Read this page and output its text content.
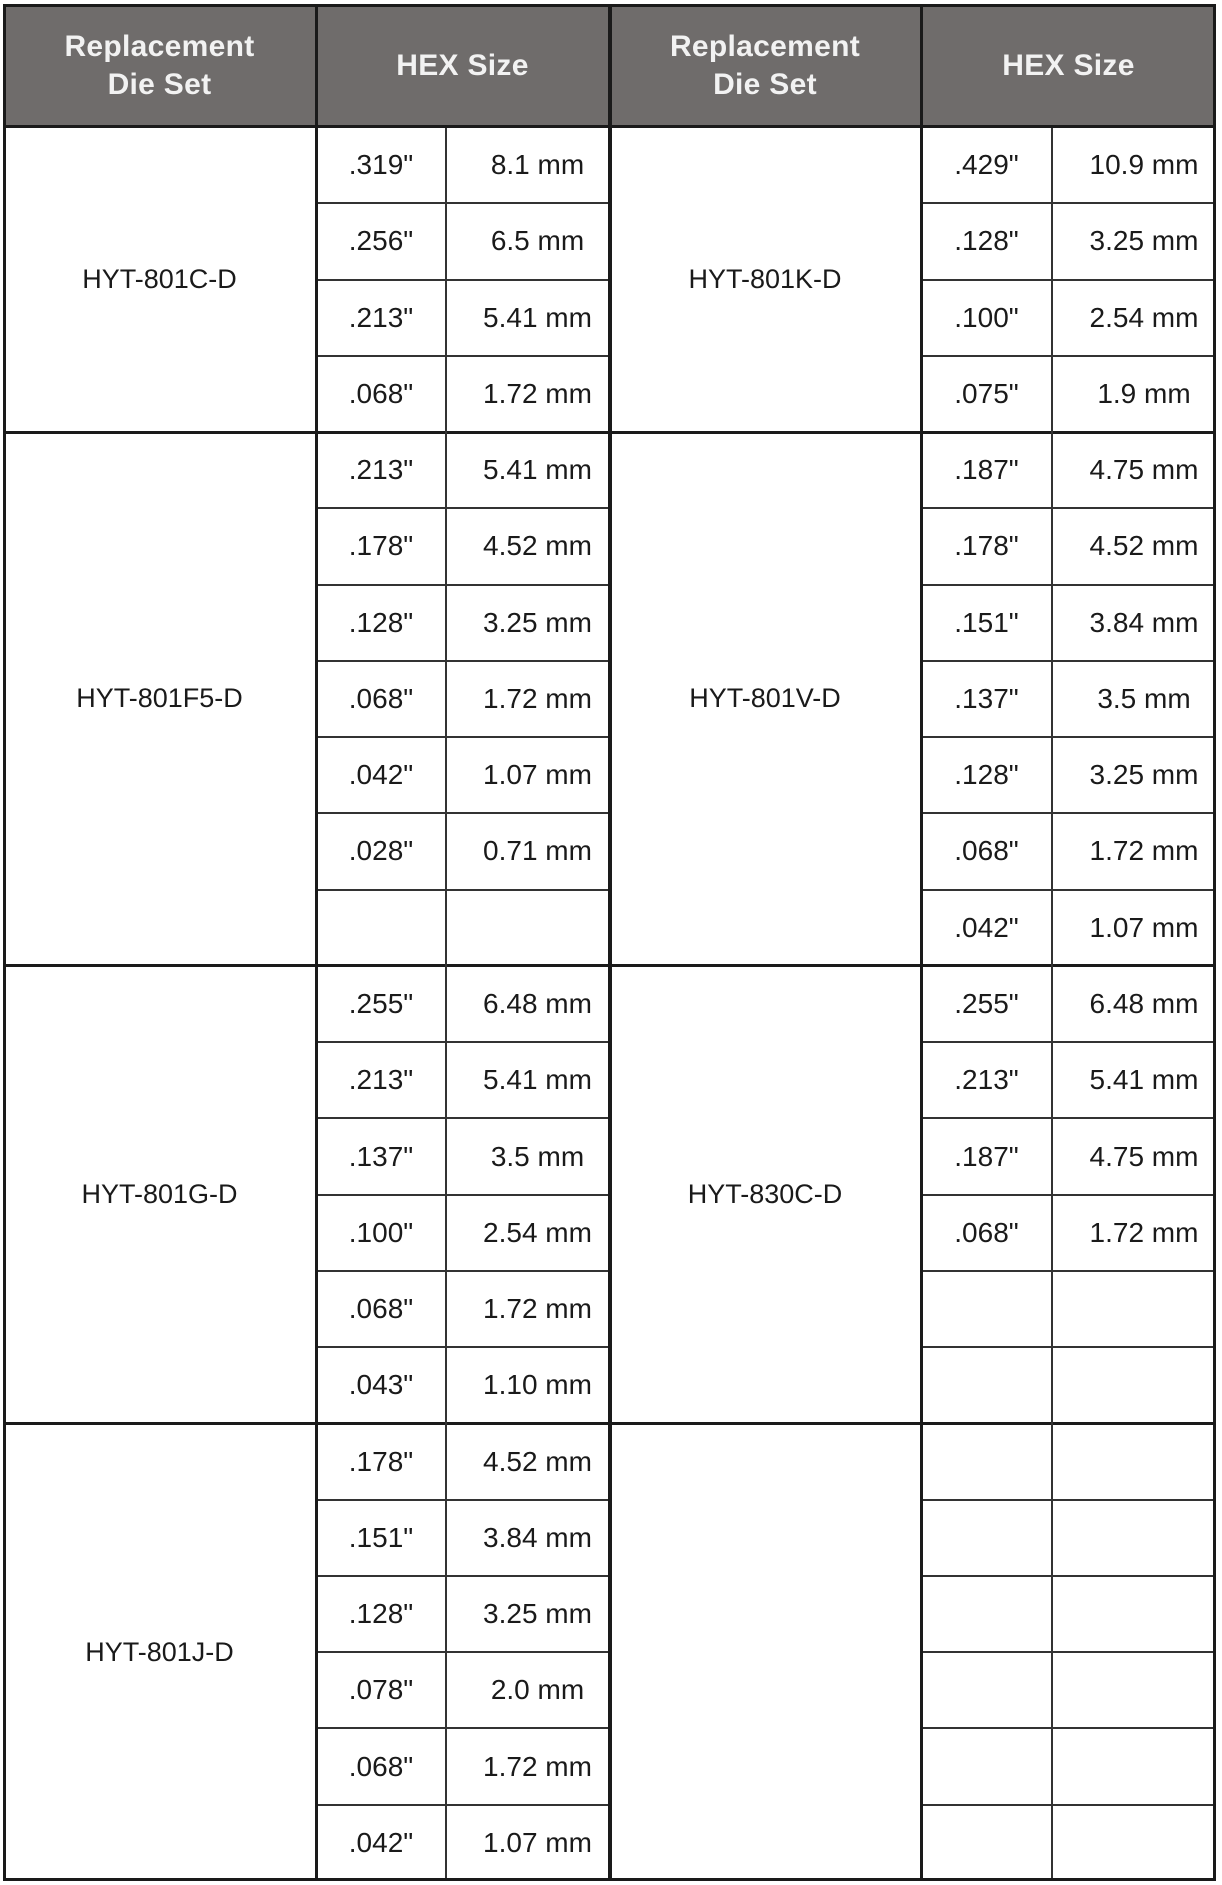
Replacement
Die Set
HEX Size
HYT-801C-D
.319"	8.1 mm
.256"	6.5 mm
.213"	5.41 mm
.068"	1.72 mm
HYT-801F5-D
.213"	5.41 mm
.178"	4.52 mm
.128"	3.25 mm
.068"	1.72 mm
.042"	1.07 mm
.028"	0.71 mm
HYT-801G-D
.255"	6.48 mm
.213"	5.41 mm
.137"	3.5 mm
.100"	2.54 mm
.068"	1.72 mm
.043"	1.10 mm
HYT-801J-D
.178"	4.52 mm
.151"	3.84 mm
.128"	3.25 mm
.078"	2.0 mm
.068"	1.72 mm
.042"	1.07 mm
Replacement
Die Set
HEX Size
HYT-801K-D
.429"	10.9 mm
.128"	3.25 mm
.100"	2.54 mm
.075"	1.9 mm
HYT-801V-D
.187"	4.75 mm
.178"	4.52 mm
.151"	3.84 mm
.137"	3.5 mm
.128"	3.25 mm
.068"	1.72 mm
.042"	1.07 mm
HYT-830C-D
.255"	6.48 mm
.213"	5.41 mm
.187"	4.75 mm
.068"	1.72 mm
